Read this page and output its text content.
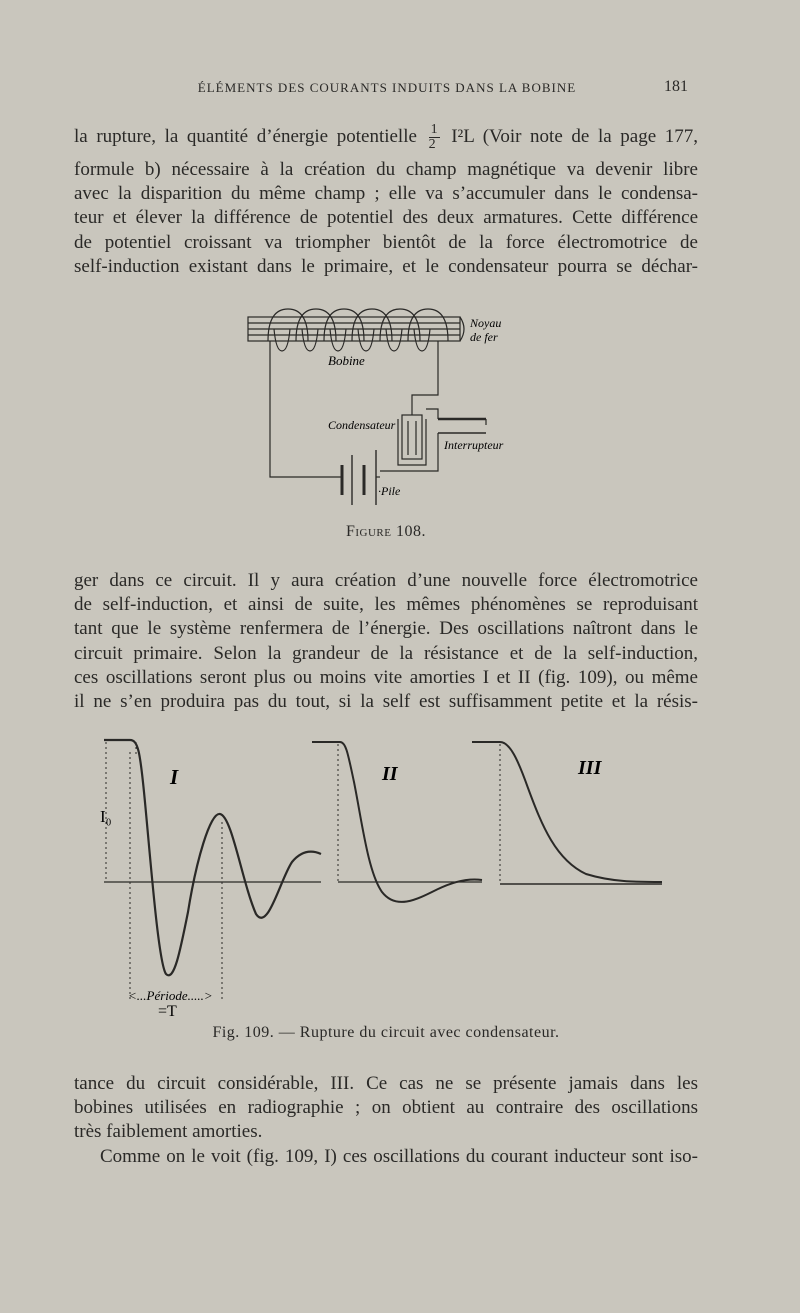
ÉLÉMENTS DES COURANTS INDUITS DANS LA BOBINE	181
la rupture, la quantité d’énergie potentielle $\frac{1}{2} I^2L$ (Voir note de la page 177,
formule b) nécessaire à la création du champ magnétique va devenir libre
avec la disparition du même champ ; elle va s’accumuler dans le condensa-
teur et élever la différence de potentiel des deux armatures. Cette différence
de potentiel croissant va triompher bientôt de la force électromotrice de
self-induction existant dans le primaire, et le condensateur pourra se déchar-
Noyau
de fer
Bobine
Condensateur
Interrupteur
·Pile
Figure 108.
ger dans ce circuit. Il y aura création d’une nouvelle force électromotrice
de self-induction, et ainsi de suite, les mêmes phénomènes se reproduisant
tant que le système renfermera de l’énergie. Des oscillations naîtront dans le
circuit primaire. Selon la grandeur de la résistance et de la self-induction,
ces oscillations seront plus ou moins vite amorties I et II (fig. 109), ou même
il ne s’en produira pas du tout, si la self est suffisamment petite et la résis-
I	II	III
I₀
<...Période.....>
=T
Fig. 109. — Rupture du circuit avec condensateur.
tance du circuit considérable, III. Ce cas ne se présente jamais dans les
bobines utilisées en radiographie ; on obtient au contraire des oscillations
très faiblement amorties.
Comme on le voit (fig. 109, I) ces oscillations du courant inducteur sont iso-
